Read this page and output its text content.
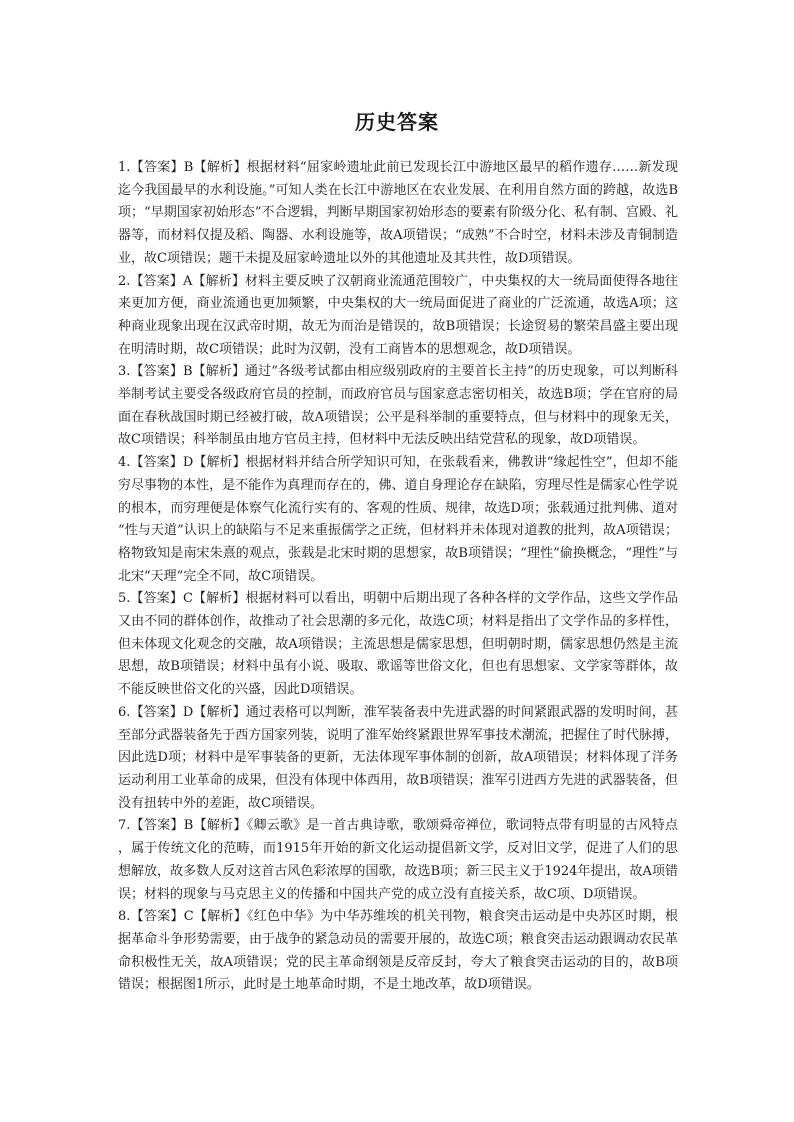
历史答案

1.【答案】B【解析】根据材料“屈家岭遗址此前已发现长江中游地区最早的稻作遗存……新发现迄今我国最早的水利设施。”可知人类在长江中游地区在农业发展、在利用自然方面的跨越，故选B项；“早期国家初始形态”不合逻辑，判断早期国家初始形态的要素有阶级分化、私有制、宫殿、礼器等，而材料仅提及稻、陶器、水利设施等，故A项错误；“成熟”不合时空，材料未涉及青铜制造业，故C项错误；题干未提及屈家岭遗址以外的其他遗址及其共性，故D项错误。

2.【答案】A【解析】材料主要反映了汉朝商业流通范围较广，中央集权的大一统局面使得各地往来更加方便，商业流通也更加频繁，中央集权的大一统局面促进了商业的广泛流通，故选A项；这种商业现象出现在汉武帝时期，故无为而治是错误的，故B项错误；长途贸易的繁荣昌盛主要出现在明清时期，故C项错误；此时为汉朝，没有工商皆本的思想观念，故D项错误。

3.【答案】B【解析】通过“各级考试都由相应级别政府的主要首长主持”的历史现象，可以判断科举制考试主要受各级政府官员的控制，而政府官员与国家意志密切相关，故选B项；学在官府的局面在春秋战国时期已经被打破，故A项错误；公平是科举制的重要特点，但与材料中的现象无关，故C项错误；科举制虽由地方官员主持，但材料中无法反映出结党营私的现象，故D项错误。

4.【答案】D【解析】根据材料并结合所学知识可知，在张载看来，佛教讲“缘起性空”，但却不能穷尽事物的本性，是不能作为真理而存在的，佛、道自身理论存在缺陷，穷理尽性是儒家心性学说的根本，而穷理便是体察气化流行实有的、客观的性质、规律，故选D项；张载通过批判佛、道对“性与天道”认识上的缺陷与不足来重振儒学之正统，但材料并未体现对道教的批判，故A项错误；格物致知是南宋朱熹的观点，张载是北宋时期的思想家，故B项错误；“理性”偷换概念，“理性”与北宋“天理”完全不同，故C项错误。

5.【答案】C【解析】根据材料可以看出，明朝中后期出现了各种各样的文学作品，这些文学作品又由不同的群体创作，故推动了社会思潮的多元化，故选C项；材料是指出了文学作品的多样性，但未体现文化观念的交融，故A项错误；主流思想是儒家思想，但明朝时期，儒家思想仍然是主流思想，故B项错误；材料中虽有小说、吸取、歌谣等世俗文化，但也有思想家、文学家等群体，故不能反映世俗文化的兴盛，因此D项错误。

6.【答案】D【解析】通过表格可以判断，淮军装备表中先进武器的时间紧跟武器的发明时间，甚至部分武器装备先于西方国家列装，说明了淮军始终紧跟世界军事技术潮流，把握住了时代脉搏，因此选D项；材料中是军事装备的更新，无法体现军事体制的创新，故A项错误；材料体现了洋务运动利用工业革命的成果，但没有体现中体西用，故B项错误；淮军引进西方先进的武器装备，但没有扭转中外的差距，故C项错误。

7.【答案】B【解析】《卿云歌》是一首古典诗歌，歌颂舜帝禅位，歌词特点带有明显的古风特点，属于传统文化的范畴，而1915年开始的新文化运动提倡新文学，反对旧文学，促进了人们的思想解放，故多数人反对这首古风色彩浓厚的国歌，故选B项；新三民主义于1924年提出，故A项错误；材料的现象与马克思主义的传播和中国共产党的成立没有直接关系，故C项、D项错误。

8.【答案】C【解析】《红色中华》为中华苏维埃的机关刊物，粮食突击运动是中央苏区时期，根据革命斗争形势需要，由于战争的紧急动员的需要开展的，故选C项；粮食突击运动跟调动农民革命积极性无关，故A项错误；党的民主革命纲领是反帝反封，夸大了粮食突击运动的目的，故B项错误；根据图1所示，此时是土地革命时期，不是土地改革，故D项错误。
